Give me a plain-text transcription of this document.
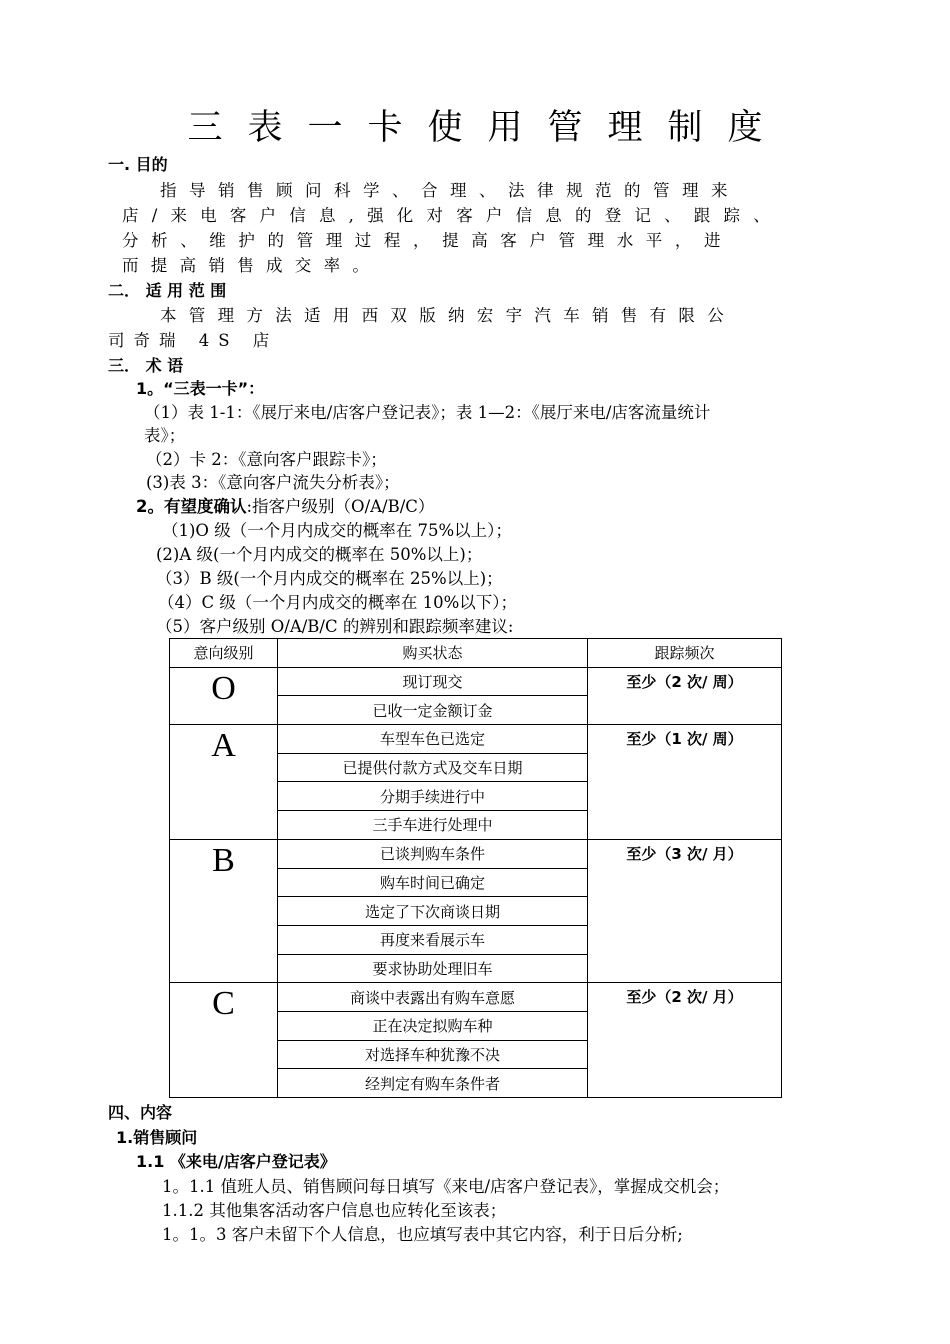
三表一卡使用管理制度
一. 目的
指导销售顾问科学、合理、法律规范的管理来
店/来电客户信息,强化对客户信息的登记、跟踪、
分析、维护的管理过程，提高客户管理水平，进
而提高销售成交率。
二． 适 用 范 围
本管理方法适用西双版纳宏宇汽车销售有限公
司奇瑞 4S 店
三． 术 语
1。“三表一卡”：
（1）表 1-1：《展厅来电/店客户登记表》；表 1—2：《展厅来电/店客流量统计
表》；
（2）卡 2：《意向客户跟踪卡》；
(3)表 3：《意向客户流失分析表》；
2。有望度确认:指客户级别（O/A/B/C）
（1)O 级（一个月内成交的概率在 75%以上）；
(2)A 级(一个月内成交的概率在 50%以上)；
（3）B 级(一个月内成交的概率在 25%以上)；
（4）C 级（一个月内成交的概率在 10%以下）；
（5）客户级别 O/A/B/C 的辨别和跟踪频率建议:
意向级别	购买状态	跟踪频次
O	现订现交	至少（2 次/ 周）
	已收一定金额订金	
A	车型车色已选定	至少（1 次/ 周）
	已提供付款方式及交车日期	
	分期手续进行中	
	三手车进行处理中	
B	已谈判购车条件	至少（3 次/ 月）
	购车时间已确定	
	选定了下次商谈日期	
	再度来看展示车	
	要求协助处理旧车	
C	商谈中表露出有购车意愿	至少（2 次/ 月）
	正在决定拟购车种	
	对选择车种犹豫不决	
	经判定有购车条件者	
四、内容
1.销售顾问
1.1 《来电/店客户登记表》
1。1.1 值班人员、销售顾问每日填写《来电/店客户登记表》，掌握成交机会；
1.1.2 其他集客活动客户信息也应转化至该表；
1。1。3 客户未留下个人信息，也应填写表中其它内容，利于日后分析;
